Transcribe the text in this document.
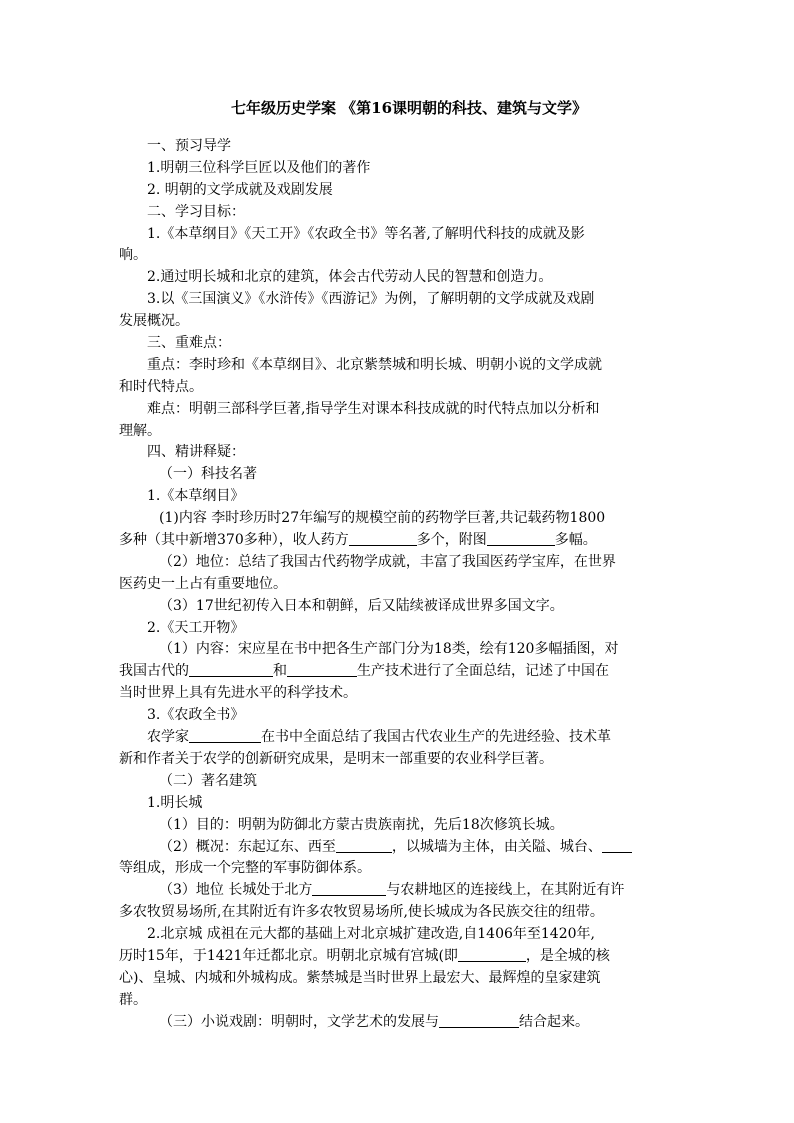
七年级历史学案 《第16课明朝的科技、建筑与文学》
一、预习导学
1.明朝三位科学巨匠以及他们的著作
2. 明朝的文学成就及戏剧发展
二、学习目标：
1.《本草纲目》《天工开》《农政全书》等名著,了解明代科技的成就及影
响。
2.通过明长城和北京的建筑，体会古代劳动人民的智慧和创造力。
3.以《三国演义》《水浒传》《西游记》为例，了解明朝的文学成就及戏剧
发展概况。
三、重难点：
重点：李时珍和《本草纲目》、北京紫禁城和明长城、明朝小说的文学成就
和时代特点。
难点：明朝三部科学巨著,指导学生对课本科技成就的时代特点加以分析和
理解。
四、精讲释疑：
（一）科技名著
1.《本草纲目》
(1)内容 李时珍历时27年编写的规模空前的药物学巨著,共记载药物1800
多种（其中新增370多种），收人药方	多个，附图	多幅。
（2）地位：总结了我国古代药物学成就，丰富了我国医药学宝库，在世界
医药史一上占有重要地位。
（3）17世纪初传入日本和朝鲜，后又陆续被译成世界多国文字。
2.《天工开物》
（1）内容：宋应星在书中把各生产部门分为18类，绘有120多幅插图，对
我国古代的	和	生产技术进行了全面总结，记述了中国在
当时世界上具有先进水平的科学技术。
3.《农政全书》
农学家	在书中全面总结了我国古代农业生产的先进经验、技术革
新和作者关于农学的创新研究成果，是明末一部重要的农业科学巨著。
（二）著名建筑
1.明长城
（1）目的：明朝为防御北方蒙古贵族南扰，先后18次修筑长城。
（2）概况：东起辽东、西至	，以城墙为主体，由关隘、城台、
等组成，形成一个完整的军事防御体系。
（3）地位 长城处于北方	与农耕地区的连接线上，在其附近有许
多农牧贸易场所,在其附近有许多农牧贸易场所,使长城成为各民族交往的纽带。
2.北京城 成祖在元大都的基础上对北京城扩建改造,自1406年至1420年,
历时15年，于1421年迁都北京。明朝北京城有宫城(即	，是全城的核
心)、皇城、内城和外城构成。紫禁城是当时世界上最宏大、最辉煌的皇家建筑
群。
（三）小说戏剧：明朝时，文学艺术的发展与	结合起来。
